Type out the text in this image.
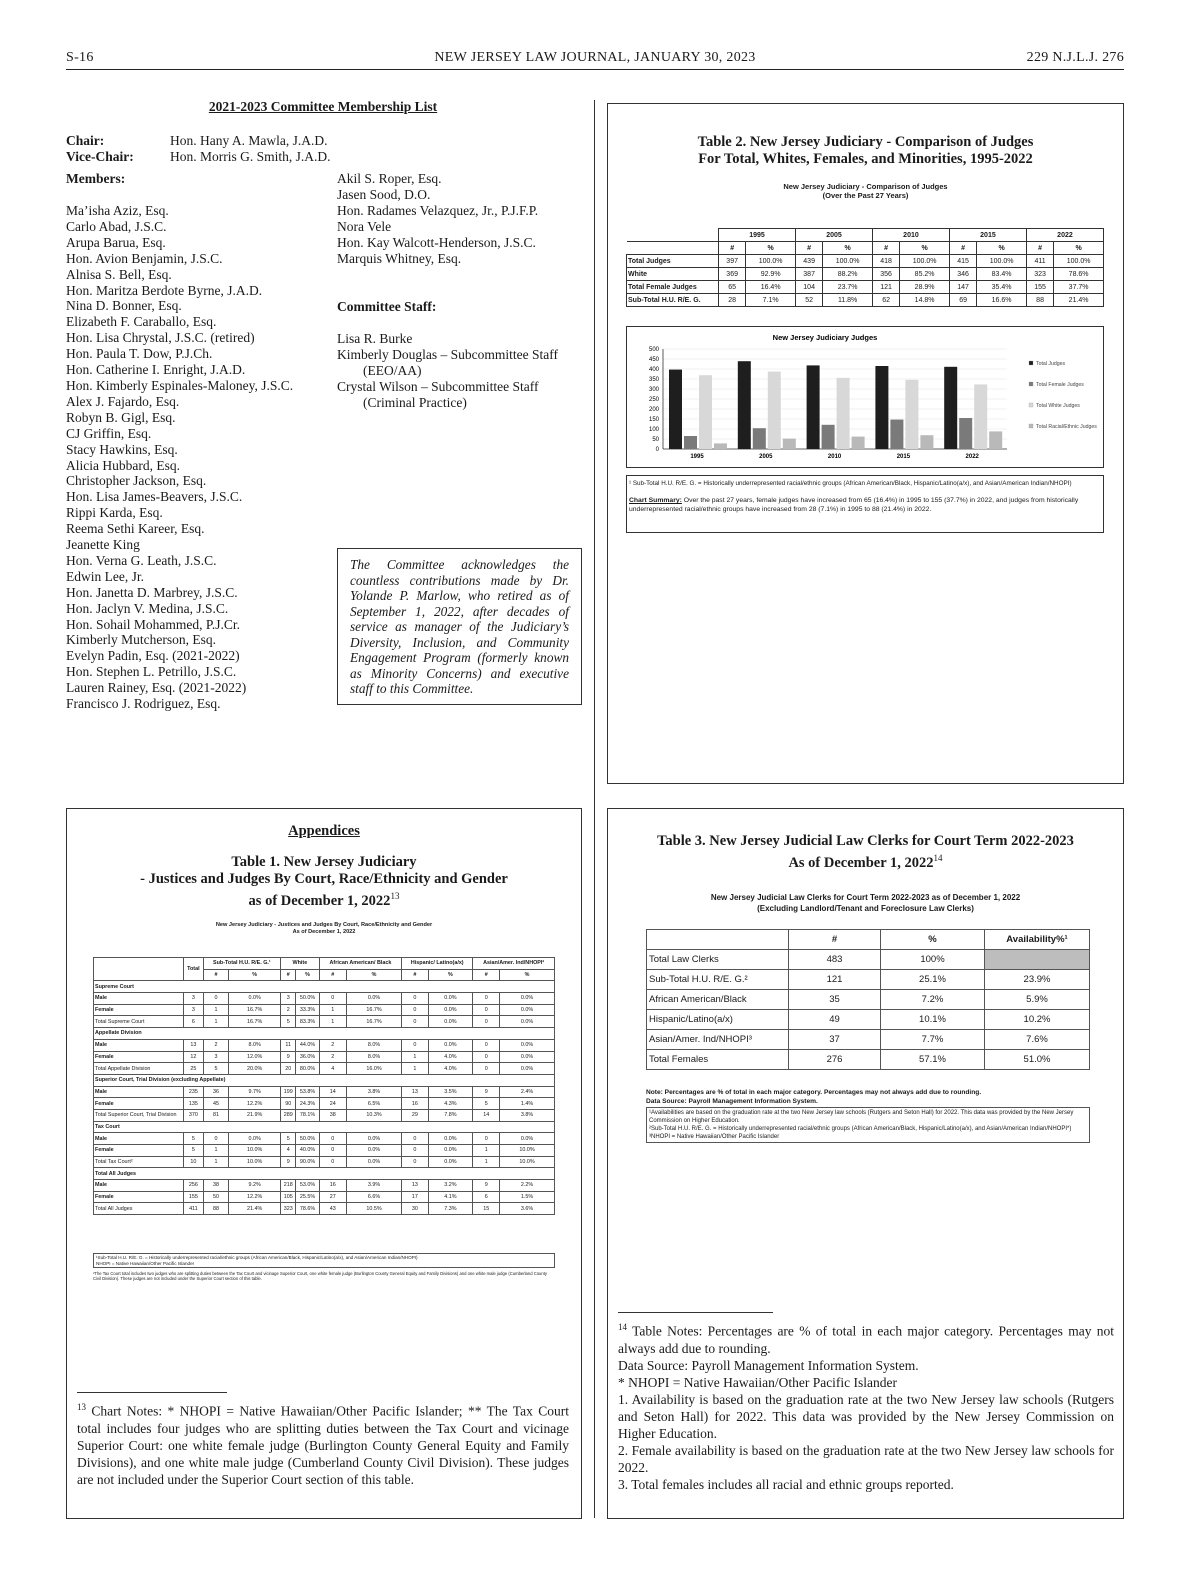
S-16	NEW JERSEY LAW JOURNAL, JANUARY 30, 2023	229 N.J.L.J. 276
2021-2023 Committee Membership List
Chair:	Hon. Hany A. Mawla, J.A.D.
Vice-Chair:	Hon. Morris G. Smith, J.A.D.
Members:
Ma’isha Aziz, Esq.
Carlo Abad, J.S.C.
Arupa Barua, Esq.
Hon. Avion Benjamin, J.S.C.
Alnisa S. Bell, Esq.
Hon. Maritza Berdote Byrne, J.A.D.
Nina D. Bonner, Esq.
Elizabeth F. Caraballo, Esq.
Hon. Lisa Chrystal, J.S.C. (retired)
Hon. Paula T. Dow, P.J.Ch.
Hon. Catherine I. Enright, J.A.D.
Hon. Kimberly Espinales-Maloney, J.S.C.
Alex J. Fajardo, Esq.
Robyn B. Gigl, Esq.
CJ Griffin, Esq.
Stacy Hawkins, Esq.
Alicia Hubbard, Esq.
Christopher Jackson, Esq.
Hon. Lisa James-Beavers, J.S.C.
Rippi Karda, Esq.
Reema Sethi Kareer, Esq.
Jeanette King
Hon. Verna G. Leath, J.S.C.
Edwin Lee, Jr.
Hon. Janetta D. Marbrey, J.S.C.
Hon. Jaclyn V. Medina, J.S.C.
Hon. Sohail Mohammed, P.J.Cr.
Kimberly Mutcherson, Esq.
Evelyn Padin, Esq. (2021-2022)
Hon. Stephen L. Petrillo, J.S.C.
Lauren Rainey, Esq. (2021-2022)
Francisco J. Rodriguez, Esq.
Akil S. Roper, Esq.
Jasen Sood, D.O.
Hon. Radames Velazquez, Jr., P.J.F.P.
Nora Vele
Hon. Kay Walcott-Henderson, J.S.C.
Marquis Whitney, Esq.
Committee Staff:
Lisa R. Burke
Kimberly Douglas – Subcommittee Staff
(EEO/AA)
Crystal Wilson – Subcommittee Staff
(Criminal Practice)
The Committee acknowledges the countless contributions made by Dr. Yolande P. Marlow, who retired as of September 1, 2022, after decades of service as manager of the Judiciary’s Diversity, Inclusion, and Community Engagement Program (formerly known as Minority Concerns) and executive staff to this Committee.
Table 2. New Jersey Judiciary - Comparison of Judges
For Total, Whites, Females, and Minorities, 1995-2022
New Jersey Judiciary - Comparison of Judges
(Over the Past 27 Years)
	1995		2005		2010		2015		2022	
	#	%	#	%	#	%	#	%	#	%
Total Judges	397	100.0%	439	100.0%	418	100.0%	415	100.0%	411	100.0%
White	369	92.9%	387	88.2%	356	85.2%	346	83.4%	323	78.6%
Total Female Judges	65	16.4%	104	23.7%	121	28.9%	147	35.4%	155	37.7%
Sub-Total H.U. R/E. G.	28	7.1%	52	11.8%	62	14.8%	69	16.6%	88	21.4%
New Jersey Judiciary Judges
0
50
100
150
200
250
300
350
400
450
500
1995	2005	2010	2015	2022
Total Judges
Total Female Judges
Total White Judges
Total Racial/Ethnic Judges
¹ Sub-Total H.U. R/E. G. = Historically underrepresented racial/ethnic groups (African American/Black, Hispanic/Latino(a/x), and Asian/American Indian/NHOPI)
Chart Summary: Over the past 27 years, female judges have increased from 65 (16.4%) in 1995 to 155 (37.7%) in 2022, and judges from historically underrepresented racial/ethnic groups have increased from 28 (7.1%) in 1995 to 88 (21.4%) in 2022.
Appendices
Table 1. New Jersey Judiciary
- Justices and Judges By Court, Race/Ethnicity and Gender
as of December 1, 2022$^{13}$
New Jersey Judiciary - Justices and Judges By Court, Race/Ethnicity and Gender
As of December 1, 2022
	Total	Sub-Total H.U. R/E. G.¹		White		African American/ Black		Hispanic/ Latino(a/x)		Asian/Amer. Ind/NHOPI²	
		#	%	#	%	#	%	#	%	#	%
Supreme Court											
Male	3	0	0.0%	3	50.0%	0	0.0%	0	0.0%	0	0.0%
Female	3	1	16.7%	2	33.3%	1	16.7%	0	0.0%	0	0.0%
Total Supreme Court	6	1	16.7%	5	83.3%	1	16.7%	0	0.0%	0	0.0%
Appellate Division											
Male	13	2	8.0%	11	44.0%	2	8.0%	0	0.0%	0	0.0%
Female	12	3	12.0%	9	36.0%	2	8.0%	1	4.0%	0	0.0%
Total Appellate Division	25	5	20.0%	20	80.0%	4	16.0%	1	4.0%	0	0.0%
Superior Court, Trial Division (excluding Appellate)											
Male	235	36	9.7%	199	53.8%	14	3.8%	13	3.5%	9	2.4%
Female	135	45	12.2%	90	24.3%	24	6.5%	16	4.3%	5	1.4%
Total Superior Court, Trial Division	370	81	21.9%	289	78.1%	38	10.3%	29	7.8%	14	3.8%
Tax Court											
Male	5	0	0.0%	5	50.0%	0	0.0%	0	0.0%	0	0.0%
Female	5	1	10.0%	4	40.0%	0	0.0%	0	0.0%	1	10.0%
Total Tax Court²	10	1	10.0%	9	90.0%	0	0.0%	0	0.0%	1	10.0%
Total All Judges											
Male	256	38	9.2%	218	53.0%	16	3.9%	13	3.2%	9	2.2%
Female	155	50	12.2%	105	25.5%	27	6.6%	17	4.1%	6	1.5%
Total All Judges	411	88	21.4%	323	78.6%	43	10.5%	30	7.3%	15	3.6%
¹Sub-Total H.U. R/E. G. = Historically underrepresented racial/ethnic groups (African American/Black, Hispanic/Latino(a/x), and Asian/American Indian/NHOPI)
NHOPI = Native Hawaiian/Other Pacific Islander
²The Tax Court total includes two judges who are splitting duties between the Tax Court and vicinage Superior Court, one white female judge (Burlington County General Equity and Family Divisions) and one white male judge (Cumberland County Civil Division). These judges are not included under the Superior Court section of this table.
$^{13}$ Chart Notes: * NHOPI = Native Hawaiian/Other Pacific Islander; ** The Tax Court total includes four judges who are splitting duties between the Tax Court and vicinage Superior Court: one white female judge (Burlington County General Equity and Family Divisions), and one white male judge (Cumberland County Civil Division). These judges are not included under the Superior Court section of this table.
Table 3. New Jersey Judicial Law Clerks for Court Term 2022-2023
As of December 1, 2022$^{14}$
New Jersey Judicial Law Clerks for Court Term 2022-2023 as of December 1, 2022
(Excluding Landlord/Tenant and Foreclosure Law Clerks)
	#	%	Availability%¹
Total Law Clerks	483	100%	
Sub-Total H.U. R/E. G.²	121	25.1%	23.9%
African American/Black	35	7.2%	5.9%
Hispanic/Latino(a/x)	49	10.1%	10.2%
Asian/Amer. Ind/NHOPI³	37	7.7%	7.6%
Total Females	276	57.1%	51.0%
Note: Percentages are % of total in each major category. Percentages may not always add due to rounding.
Data Source: Payroll Management Information System.
¹Availabilities are based on the graduation rate at the two New Jersey law schools (Rutgers and Seton Hall) for 2022. This data was provided by the New Jersey Commission on Higher Education.
²Sub-Total H.U. R/E. G. = Historically underrepresented racial/ethnic groups (African American/Black, Hispanic/Latino(a/x), and Asian/American Indian/NHOPI*)
³NHOPI = Native Hawaiian/Other Pacific Islander
$^{14}$ Table Notes: Percentages are % of total in each major category. Percentages may not always add due to rounding.
Data Source: Payroll Management Information System.
* NHOPI = Native Hawaiian/Other Pacific Islander
1. Availability is based on the graduation rate at the two New Jersey law schools (Rutgers and Seton Hall) for 2022. This data was provided by the New Jersey Commission on Higher Education.
2. Female availability is based on the graduation rate at the two New Jersey law schools for 2022.
3. Total females includes all racial and ethnic groups reported.
